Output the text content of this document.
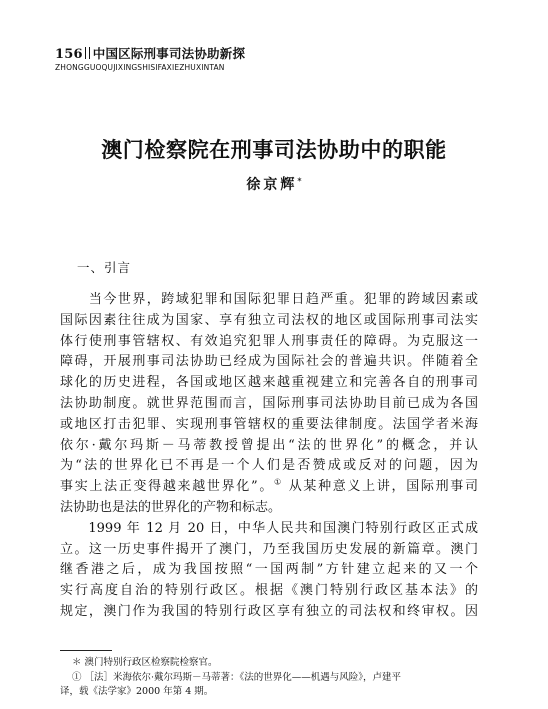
156 中国区际刑事司法协助新探
ZHONGGUOQUJIXINGSHISIFAXIEZHUXINTAN
澳门检察院在刑事司法协助中的职能
徐京辉*
一、引言
　　当今世界，跨域犯罪和国际犯罪日趋严重。犯罪的跨域因素或
国际因素往往成为国家、享有独立司法权的地区或国际刑事司法实
体行使刑事管辖权、有效追究犯罪人刑事责任的障碍。为克服这一
障碍，开展刑事司法协助已经成为国际社会的普遍共识。伴随着全
球化的历史进程，各国或地区越来越重视建立和完善各自的刑事司
法协助制度。就世界范围而言，国际刑事司法协助目前已成为各国
或地区打击犯罪、实现刑事管辖权的重要法律制度。法国学者米海
依尔·戴尔玛斯－马蒂教授曾提出“法的世界化”的概念，并认
为“法的世界化已不再是一个人们是否赞成或反对的问题，因为
事实上法正变得越来越世界化”。① 从某种意义上讲，国际刑事司
法协助也是法的世界化的产物和标志。
　　1999 年 12 月 20 日，中华人民共和国澳门特别行政区正式成
立。这一历史事件揭开了澳门，乃至我国历史发展的新篇章。澳门
继香港之后，成为我国按照“一国两制”方针建立起来的又一个
实行高度自治的特别行政区。根据《澳门特别行政区基本法》的
规定，澳门作为我国的特别行政区享有独立的司法权和终审权。因
＊ 澳门特别行政区检察院检察官。
① ［法］米海依尔·戴尔玛斯－马蒂著：《法的世界化——机遇与风险》，卢建平
译，载《法学家》2000 年第 4 期。
